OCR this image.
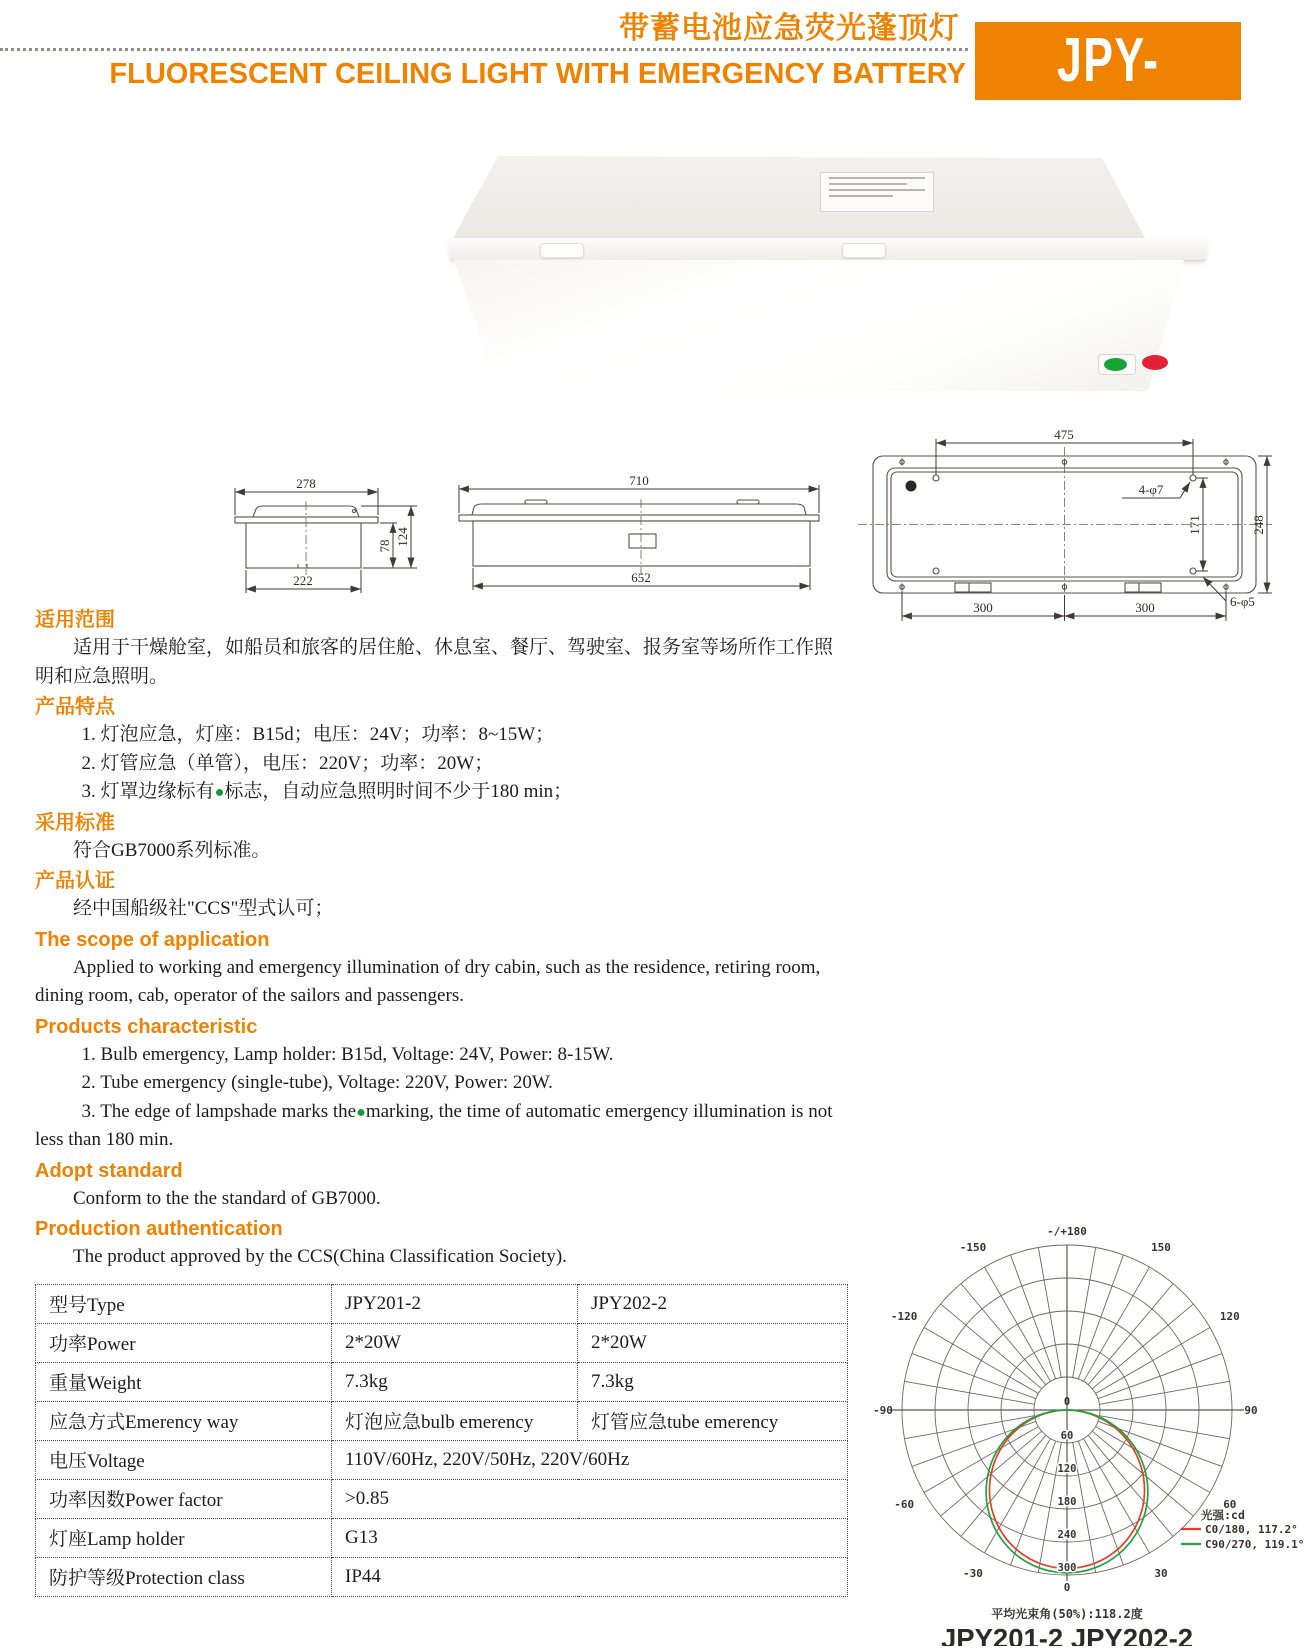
带蓄电池应急荧光蓬顶灯
FLUORESCENT CEILING LIGHT WITH EMERGENCY BATTERY JPY-
278
222
78 124
710
652
475
4-φ7
171	248
300	300	6-φ5
适用范围

适用于干燥舱室，如船员和旅客的居住舱、休息室、餐厅、驾驶室、报务室等场所作工作照明和应急照明。

产品特点

1. 灯泡应急，灯座：B15d；电压：24V；功率：8~15W；

2. 灯管应急（单管），电压：220V；功率：20W；

3. 灯罩边缘标有●标志，自动应急照明时间不少于180 min；

采用标准

符合GB7000系列标准。

产品认证

经中国船级社"CCS"型式认可；

The scope of application

Applied to working and emergency illumination of dry cabin, such as the residence, retiring room, dining room, cab, operator of the sailors and passengers.

Products characteristic

1. Bulb emergency, Lamp holder: B15d, Voltage: 24V, Power: 8-15W.

2. Tube emergency (single-tube), Voltage: 220V, Power: 20W.

3. The edge of lampshade marks the●marking, the time of automatic emergency illumination is not less than 180 min.

Adopt standard

Conform to the the standard of GB7000.

Production authentication

The product approved by the CCS(China Classification Society).

型号Type	JPY201-2	JPY202-2
功率Power	2*20W	2*20W
重量Weight	7.3kg	7.3kg
应急方式Emerency way	灯泡应急bulb emerency	灯管应急tube emerency
电压Voltage	110V/60Hz, 220V/50Hz, 220V/60Hz	
功率因数Power factor	>0.85	
灯座Lamp holder	G13	
防护等级Protection class	IP44	
0
30
60
90
120
150
-30
-60
-90
-120
-150
-/+180
60
120
180
240
300
0
光强:cd
C0/180, 117.2°
C90/270, 119.1°
平均光束角(50%):118.2度
JPY201-2 JPY202-2
